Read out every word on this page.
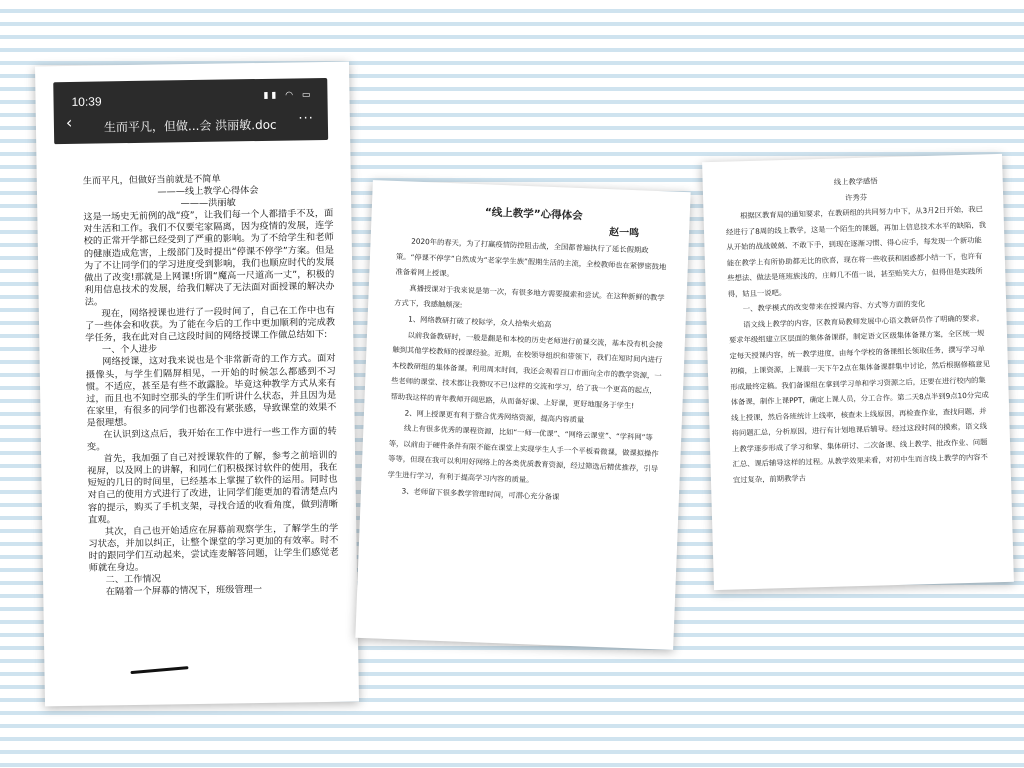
10:39	▮▮ ◠ ▭
‹	生而平凡，但做...会 洪丽敏.doc ···

生而平凡，但做好当前就是不简单

———线上教学心得体会

———洪丽敏

这是一场史无前例的战“疫”，让我们每一个人都措手不及，面对生活和工作。我们不仅要宅家隔离，因为疫情的发展，连学校的正常开学都已经受到了严重的影响。为了不给学生和老师的健康造成危害，上级部门及时提出“停课不停学”方案。但是为了不让同学们的学习进度受到影响，我们也顺应时代的发展做出了改变!那就是上网课!所谓“魔高一尺道高一丈”，积极的利用信息技术的发展，给我们解决了无法面对面授课的解决办法。

现在，网络授课也进行了一段时间了，自己在工作中也有了一些体会和收获。为了能在今后的工作中更加顺利的完成教学任务，我在此对自己这段时间的网络授课工作做总结如下:

一、个人进步

网络授课，这对我来说也是个非常新奇的工作方式。面对摄像头，与学生们隔屏相见，一开始的时候怎么都感到不习惯。不适应，甚至是有些不敢露脸。毕竟这种教学方式从来有过，而且也不知时空那头的学生们听讲什么状态，并且因为是在家里，有很多的同学们也都没有紧张感，导致课堂的效果不是很理想。

在认识到这点后，我开始在工作中进行一些工作方面的转变。

首先，我加强了自己对授课软件的了解，参考之前培训的视屏，以及网上的讲解，和同仁们积极探讨软件的使用，我在短短的几日的时间里，已经基本上掌握了软件的运用。同时也对自己的使用方式进行了改进，让同学们能更加的看清楚点内容的提示，购买了手机支架，寻找合适的收看角度，做到清晰直观。

其次，自己也开始适应在屏幕前观察学生，了解学生的学习状态，并加以纠正，让整个课堂的学习更加的有效率。时不时的跟同学们互动起来，尝试连麦解答问题，让学生们感觉老师就在身边。

二、工作情况

在隔着一个屏幕的情况下，班级管理一

“线上教学”心得体会

赵一鸣

2020年的春天，为了打赢疫情防控阻击战，全国都普遍执行了延长假期政策。“停课不停学”自然成为“老家学生族”假期生活的主流，全校教师也在紧锣密鼓地准备着网上授课。

真播授课对于我来说是第一次，有很多地方需要摸索和尝试。在这种新鲜的教学方式下，我感触颇深:

1、网络教研打破了校际学，众人拾柴火焰高

以前我备教研时，一般是翻是和本校的历史老师进行前课交流，基本没有机会接触到其他学校教师的授课经验。近期，在校领导组织和带领下，我们在短时间内进行本校教研组的集体备课。利用周末时间，我还会观看百口市面向全市的教学资源，一些老师的课堂、技术都让我赞叹不已!这样的交流和学习，给了我一个更高的起点，帮助我这样的青年教师开阔思路，从而备好课、上好课，更好地服务于学生!

2、网上授课更有利于整合优秀网络资源，提高内容质量

线上有很多优秀的课程资源，比如“一师一优课”、“网络云课堂”、“学科网”等等，以前由于硬件条件有限不能在课堂上实现学生人手一个平板看微课，做课拟操作等等，但现在我可以利用好网络上的各类优质教育资源，经过筛选后精优推荐，引导学生进行学习，有利于提高学习内容的质量。

3、老师留下很多教学管理时间，可潜心充分备课

线上教学感悟

许秀芬

根据区教育局的通知要求，在教研组的共同努力中下，从3月2日开始，我已经进行了8周的线上教学，这是一个陌生的课题，再加上信息技术水平的缺陷，我从开始的战战兢兢、不敢下手，到现在逐渐习惯、得心应手，每发现一个新功能能在教学上有所协助都无比的欣喜，现在将一些收获和困惑都小结一下，也许有些想法、做法是班班族浅的，庄师几不值一说，甚至贻笑大方，但得但是实践所得，姑且一说吧。

一、教学模式的改变带来在授课内容、方式等方面的变化

语文线上教学的内容，区教育局教师发展中心语文教研员作了明确的要求，要求年级组建立区层面的集体备课群，制定语文区级集体备课方案，全区统一规定每天授课内容，统一教学进度，由每个学校的备课组长领取任务，撰写学习单初稿，上课资源，上课前一天下午2点在集体备课群集中讨论，然后根据修稿意见形成最终定稿。我们备课组在拿到学习单和学习资源之后，还要在进行校内的集体备课，制作上课PPT，确定上课人员，分工合作。第二天8点半到9点10分完成线上授课，然后各班统计上线率，核查未上线原因，再检查作业，查找问题，并将问题汇总，分析原因，进行有计划地课后辅导。经过这段时间的摸索，语文线上教学逐步形成了学习和掌、集体研讨、二次备课、线上教学、批改作业、问题汇总、课后辅导这样的过程。从教学效果来看，对初中生而言线上教学的内容不宜过复杂，前期教学古
